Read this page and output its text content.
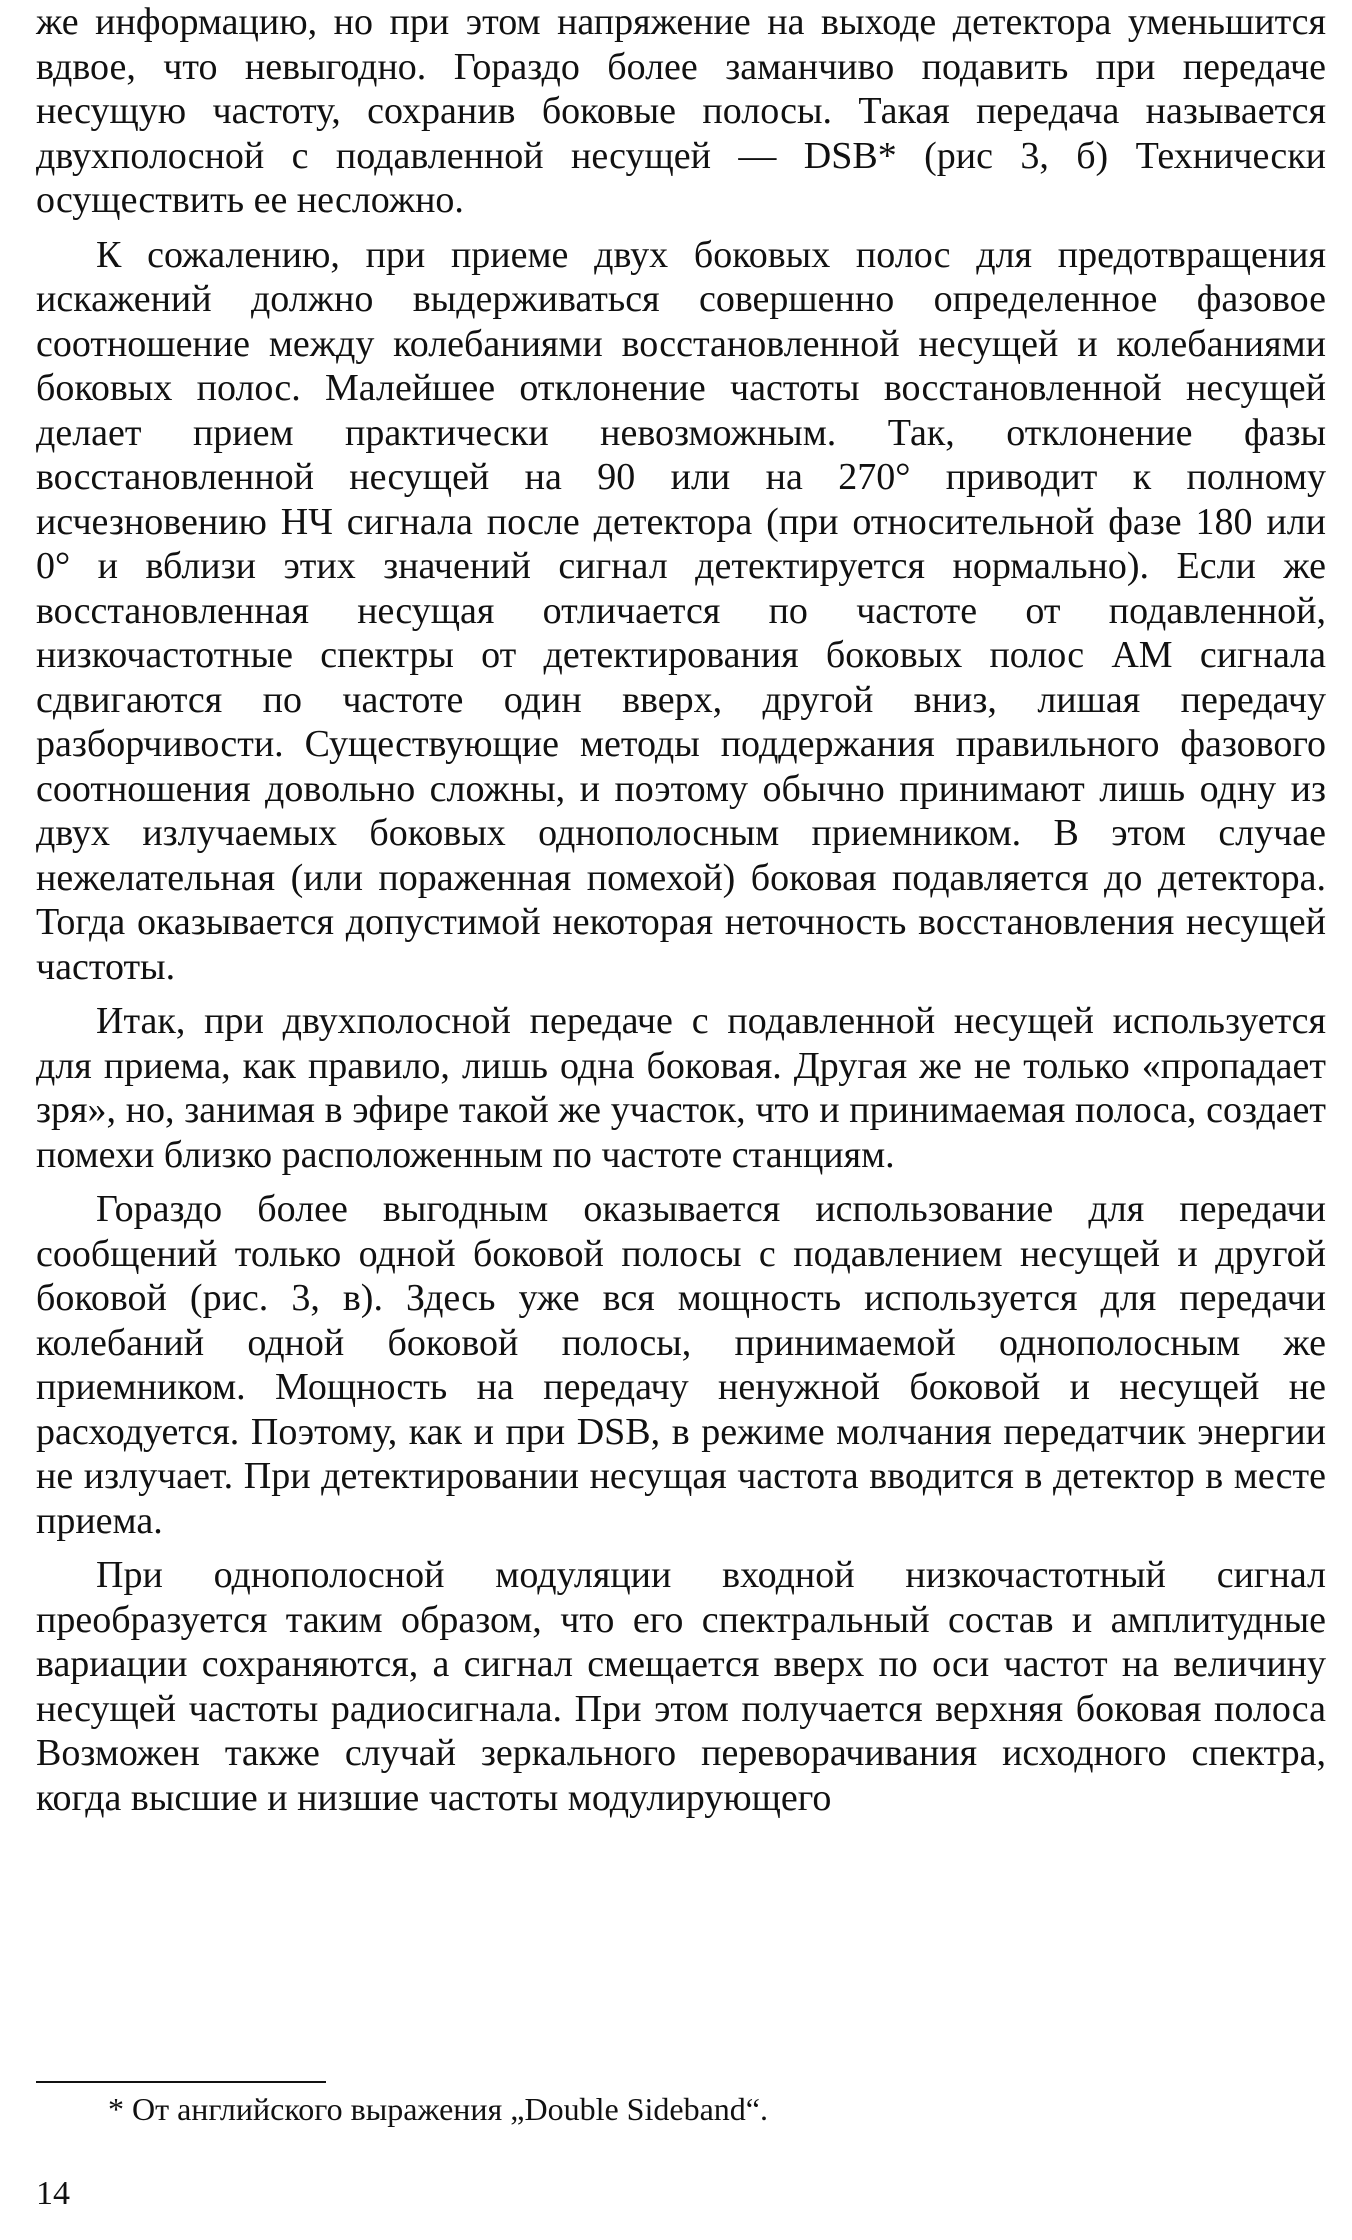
же информацию, но при этом напряжение на выходе детектора уменьшится вдвое, что невыгодно. Гораздо более заманчиво подавить при передаче несущую частоту, сохранив боковые полосы. Такая передача называется двухполосной с подавленной несущей — DSB* (рис 3, б) Технически осуществить ее несложно.

К сожалению, при приеме двух боковых полос для предотвращения искажений должно выдерживаться совершенно определенное фазовое соотношение между колебаниями восстановленной несущей и колебаниями боковых полос. Малейшее отклонение частоты восстановленной несущей делает прием практически невозможным. Так, отклонение фазы восстановленной несущей на 90 или на 270° приводит к полному исчезновению НЧ сигнала после детектора (при относительной фазе 180 или 0° и вблизи этих значений сигнал детектируется нормально). Если же восстановленная несущая отличается по частоте от подавленной, низкочастотные спектры от детектирования боковых полос АМ сигнала сдвигаются по частоте один вверх, другой вниз, лишая передачу разборчивости. Существующие методы поддержания правильного фазового соотношения довольно сложны, и поэтому обычно принимают лишь одну из двух излучаемых боковых однополосным приемником. В этом случае нежелательная (или пораженная помехой) боковая подавляется до детектора. Тогда оказывается допустимой некоторая неточность восстановления несущей частоты.

Итак, при двухполосной передаче с подавленной несущей используется для приема, как правило, лишь одна боковая. Другая же не только «пропадает зря», но, занимая в эфире такой же участок, что и принимаемая полоса, создает помехи близко расположенным по частоте станциям.

Гораздо более выгодным оказывается использование для передачи сообщений только одной боковой полосы с подавлением несущей и другой боковой (рис. 3, в). Здесь уже вся мощность используется для передачи колебаний одной боковой полосы, принимаемой однополосным же приемником. Мощность на передачу ненужной боковой и несущей не расходуется. Поэтому, как и при DSB, в режиме молчания передатчик энергии не излучает. При детектировании несущая частота вводится в детектор в месте приема.

При однополосной модуляции входной низкочастотный сигнал преобразуется таким образом, что его спектральный состав и амплитудные вариации сохраняются, а сигнал смещается вверх по оси частот на величину несущей частоты радиосигнала. При этом получается верхняя боковая полоса Возможен также случай зеркального переворачивания исходного спектра, когда высшие и низшие частоты модулирующего

* От английского выражения „Double Sideband“.

14
